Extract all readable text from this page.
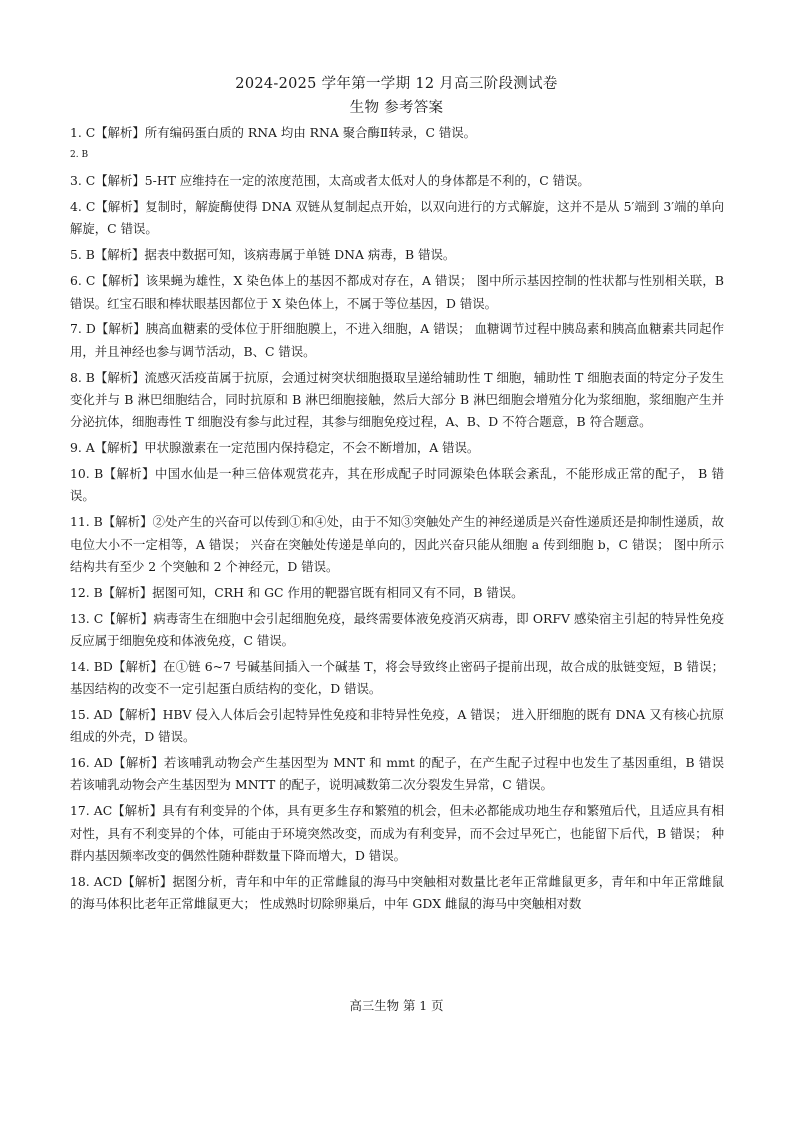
2024-2025 学年第一学期 12 月高三阶段测试卷
生物 参考答案

1. C【解析】所有编码蛋白质的 RNA 均由 RNA 聚合酶Ⅱ转录，C 错误。

2. B

3. C【解析】5-HT 应维持在一定的浓度范围，太高或者太低对人的身体都是不利的，C 错误。

4. C【解析】复制时，解旋酶使得 DNA 双链从复制起点开始，以双向进行的方式解旋，这并不是从 5′端到 3′端的单向解旋，C 错误。

5. B【解析】据表中数据可知，该病毒属于单链 DNA 病毒，B 错误。

6. C【解析】该果蝇为雄性，X 染色体上的基因不都成对存在，A 错误； 图中所示基因控制的性状都与性别相关联，B 错误。红宝石眼和棒状眼基因都位于 X 染色体上，不属于等位基因，D 错误。

7. D【解析】胰高血糖素的受体位于肝细胞膜上，不进入细胞，A 错误； 血糖调节过程中胰岛素和胰高血糖素共同起作用，并且神经也参与调节活动，B、C 错误。

8. B【解析】流感灭活疫苗属于抗原，会通过树突状细胞摄取呈递给辅助性 T 细胞，辅助性 T 细胞表面的特定分子发生变化并与 B 淋巴细胞结合，同时抗原和 B 淋巴细胞接触，然后大部分 B 淋巴细胞会增殖分化为浆细胞，浆细胞产生并分泌抗体，细胞毒性 T 细胞没有参与此过程，其参与细胞免疫过程，A、B、D 不符合题意，B 符合题意。

9. A【解析】甲状腺激素在一定范围内保持稳定，不会不断增加，A 错误。

10. B【解析】中国水仙是一种三倍体观赏花卉，其在形成配子时同源染色体联会紊乱，不能形成正常的配子， B 错误。

11. B【解析】②处产生的兴奋可以传到①和④处，由于不知③突触处产生的神经递质是兴奋性递质还是抑制性递质，故电位大小不一定相等，A 错误； 兴奋在突触处传递是单向的，因此兴奋只能从细胞 a 传到细胞 b，C 错误； 图中所示结构共有至少 2 个突触和 2 个神经元，D 错误。

12. B【解析】据图可知，CRH 和 GC 作用的靶器官既有相同又有不同，B 错误。

13. C【解析】病毒寄生在细胞中会引起细胞免疫，最终需要体液免疫消灭病毒，即 ORFV 感染宿主引起的特异性免疫反应属于细胞免疫和体液免疫，C 错误。

14. BD【解析】在①链 6~7 号碱基间插入一个碱基 T，将会导致终止密码子提前出现，故合成的肽链变短，B 错误； 基因结构的改变不一定引起蛋白质结构的变化，D 错误。

15. AD【解析】HBV 侵入人体后会引起特异性免疫和非特异性免疫，A 错误； 进入肝细胞的既有 DNA 又有核心抗原组成的外壳，D 错误。

16. AD【解析】若该哺乳动物会产生基因型为 MNT 和 mmt 的配子，在产生配子过程中也发生了基因重组，B 错误 若该哺乳动物会产生基因型为 MNTT 的配子，说明减数第二次分裂发生异常，C 错误。

17. AC【解析】具有有利变异的个体，具有更多生存和繁殖的机会，但未必都能成功地生存和繁殖后代，且适应具有相对性，具有不利变异的个体，可能由于环境突然改变，而成为有利变异，而不会过早死亡，也能留下后代，B 错误； 种群内基因频率改变的偶然性随种群数量下降而增大，D 错误。

18. ACD【解析】据图分析，青年和中年的正常雌鼠的海马中突触相对数量比老年正常雌鼠更多，青年和中年正常雌鼠的海马体积比老年正常雌鼠更大； 性成熟时切除卵巢后，中年 GDX 雌鼠的海马中突触相对数

高三生物 第 1 页
